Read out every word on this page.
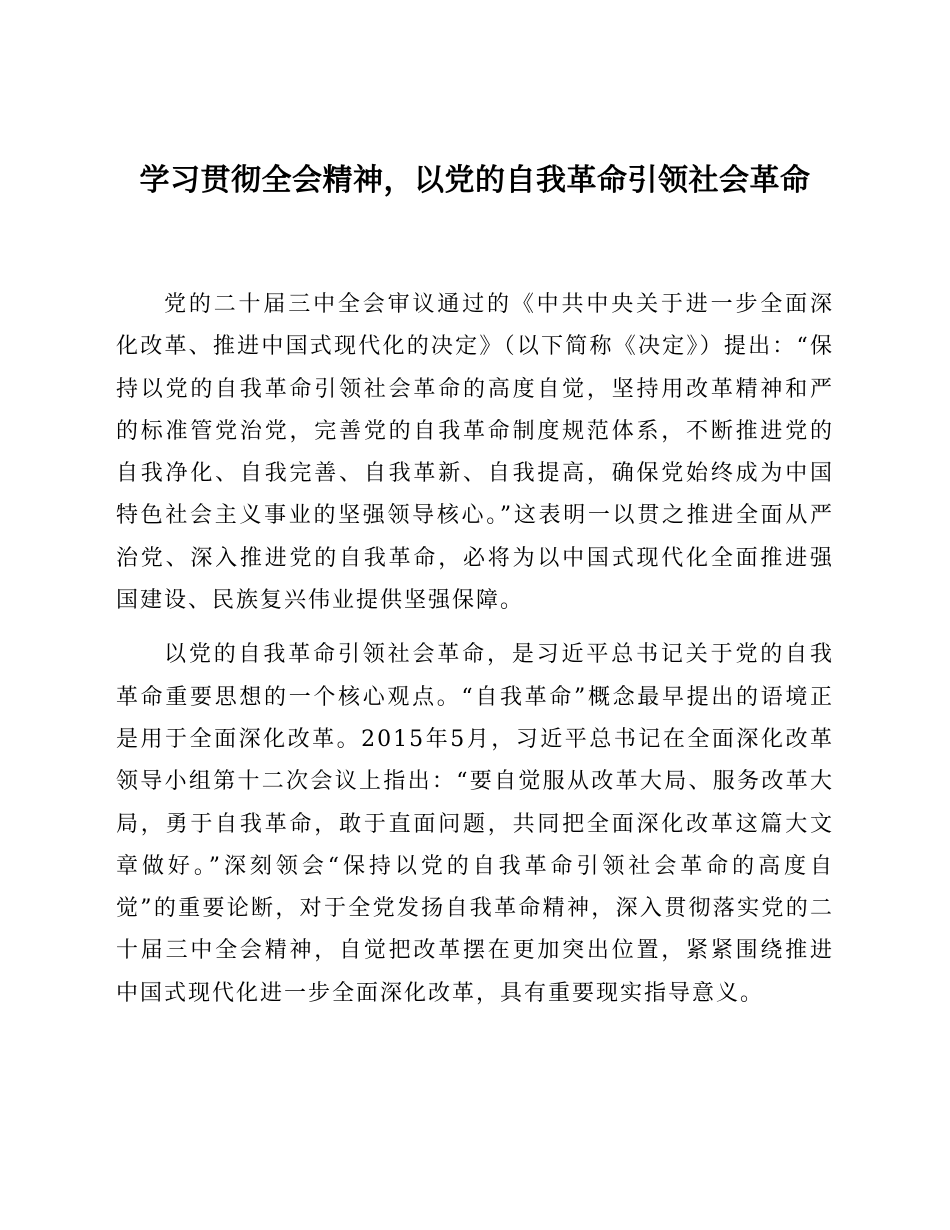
学习贯彻全会精神，以党的自我革命引领社会革命

党的二十届三中全会审议通过的《中共中央关于进一步全面深化改革、推进中国式现代化的决定》（以下简称《决定》）提出：“保持以党的自我革命引领社会革命的高度自觉，坚持用改革精神和严的标准管党治党，完善党的自我革命制度规范体系，不断推进党的自我净化、自我完善、自我革新、自我提高，确保党始终成为中国特色社会主义事业的坚强领导核心。”这表明一以贯之推进全面从严治党、深入推进党的自我革命，必将为以中国式现代化全面推进强国建设、民族复兴伟业提供坚强保障。

以党的自我革命引领社会革命，是习近平总书记关于党的自我革命重要思想的一个核心观点。“自我革命”概念最早提出的语境正是用于全面深化改革。2015年5月，习近平总书记在全面深化改革领导小组第十二次会议上指出：“要自觉服从改革大局、服务改革大局，勇于自我革命，敢于直面问题，共同把全面深化改革这篇大文章做好。”深刻领会“保持以党的自我革命引领社会革命的高度自觉”的重要论断，对于全党发扬自我革命精神，深入贯彻落实党的二十届三中全会精神，自觉把改革摆在更加突出位置，紧紧围绕推进中国式现代化进一步全面深化改革，具有重要现实指导意义。
